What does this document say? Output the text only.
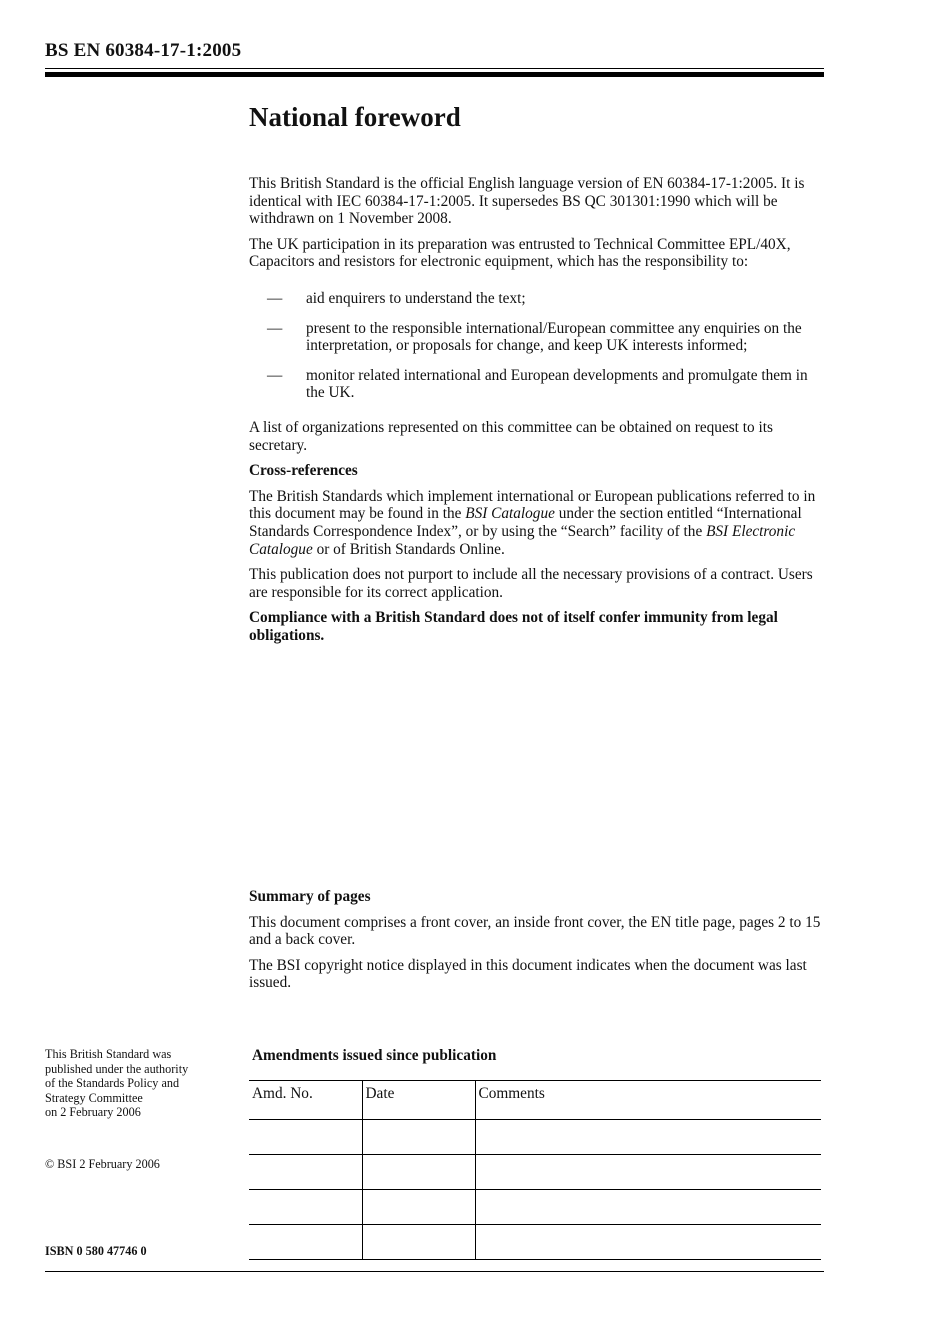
BS EN 60384-17-1:2005
National foreword

This British Standard is the official English language version of EN 60384-17-1:2005. It is identical with IEC 60384-17-1:2005. It supersedes BS QC 301301:1990 which will be withdrawn on 1 November 2008.

The UK participation in its preparation was entrusted to Technical Committee EPL/40X, Capacitors and resistors for electronic equipment, which has the responsibility to:

— aid enquirers to understand the text;
— present to the responsible international/European committee any enquiries on the interpretation, or proposals for change, and keep UK interests informed;
— monitor related international and European developments and promulgate them in the UK.

A list of organizations represented on this committee can be obtained on request to its secretary.

Cross-references

The British Standards which implement international or European publications referred to in this document may be found in the BSI Catalogue under the section entitled “International Standards Correspondence Index”, or by using the “Search” facility of the BSI Electronic Catalogue or of British Standards Online.

This publication does not purport to include all the necessary provisions of a contract. Users are responsible for its correct application.

Compliance with a British Standard does not of itself confer immunity from legal obligations.

Summary of pages

This document comprises a front cover, an inside front cover, the EN title page, pages 2 to 15 and a back cover.

The BSI copyright notice displayed in this document indicates when the document was last issued.

This British Standard was
published under the authority
of the Standards Policy and
Strategy Committee
on 2 February 2006
© BSI 2 February 2006
Amendments issued since publication
Amd. No.	Date	Comments

ISBN 0 580 47746 0
